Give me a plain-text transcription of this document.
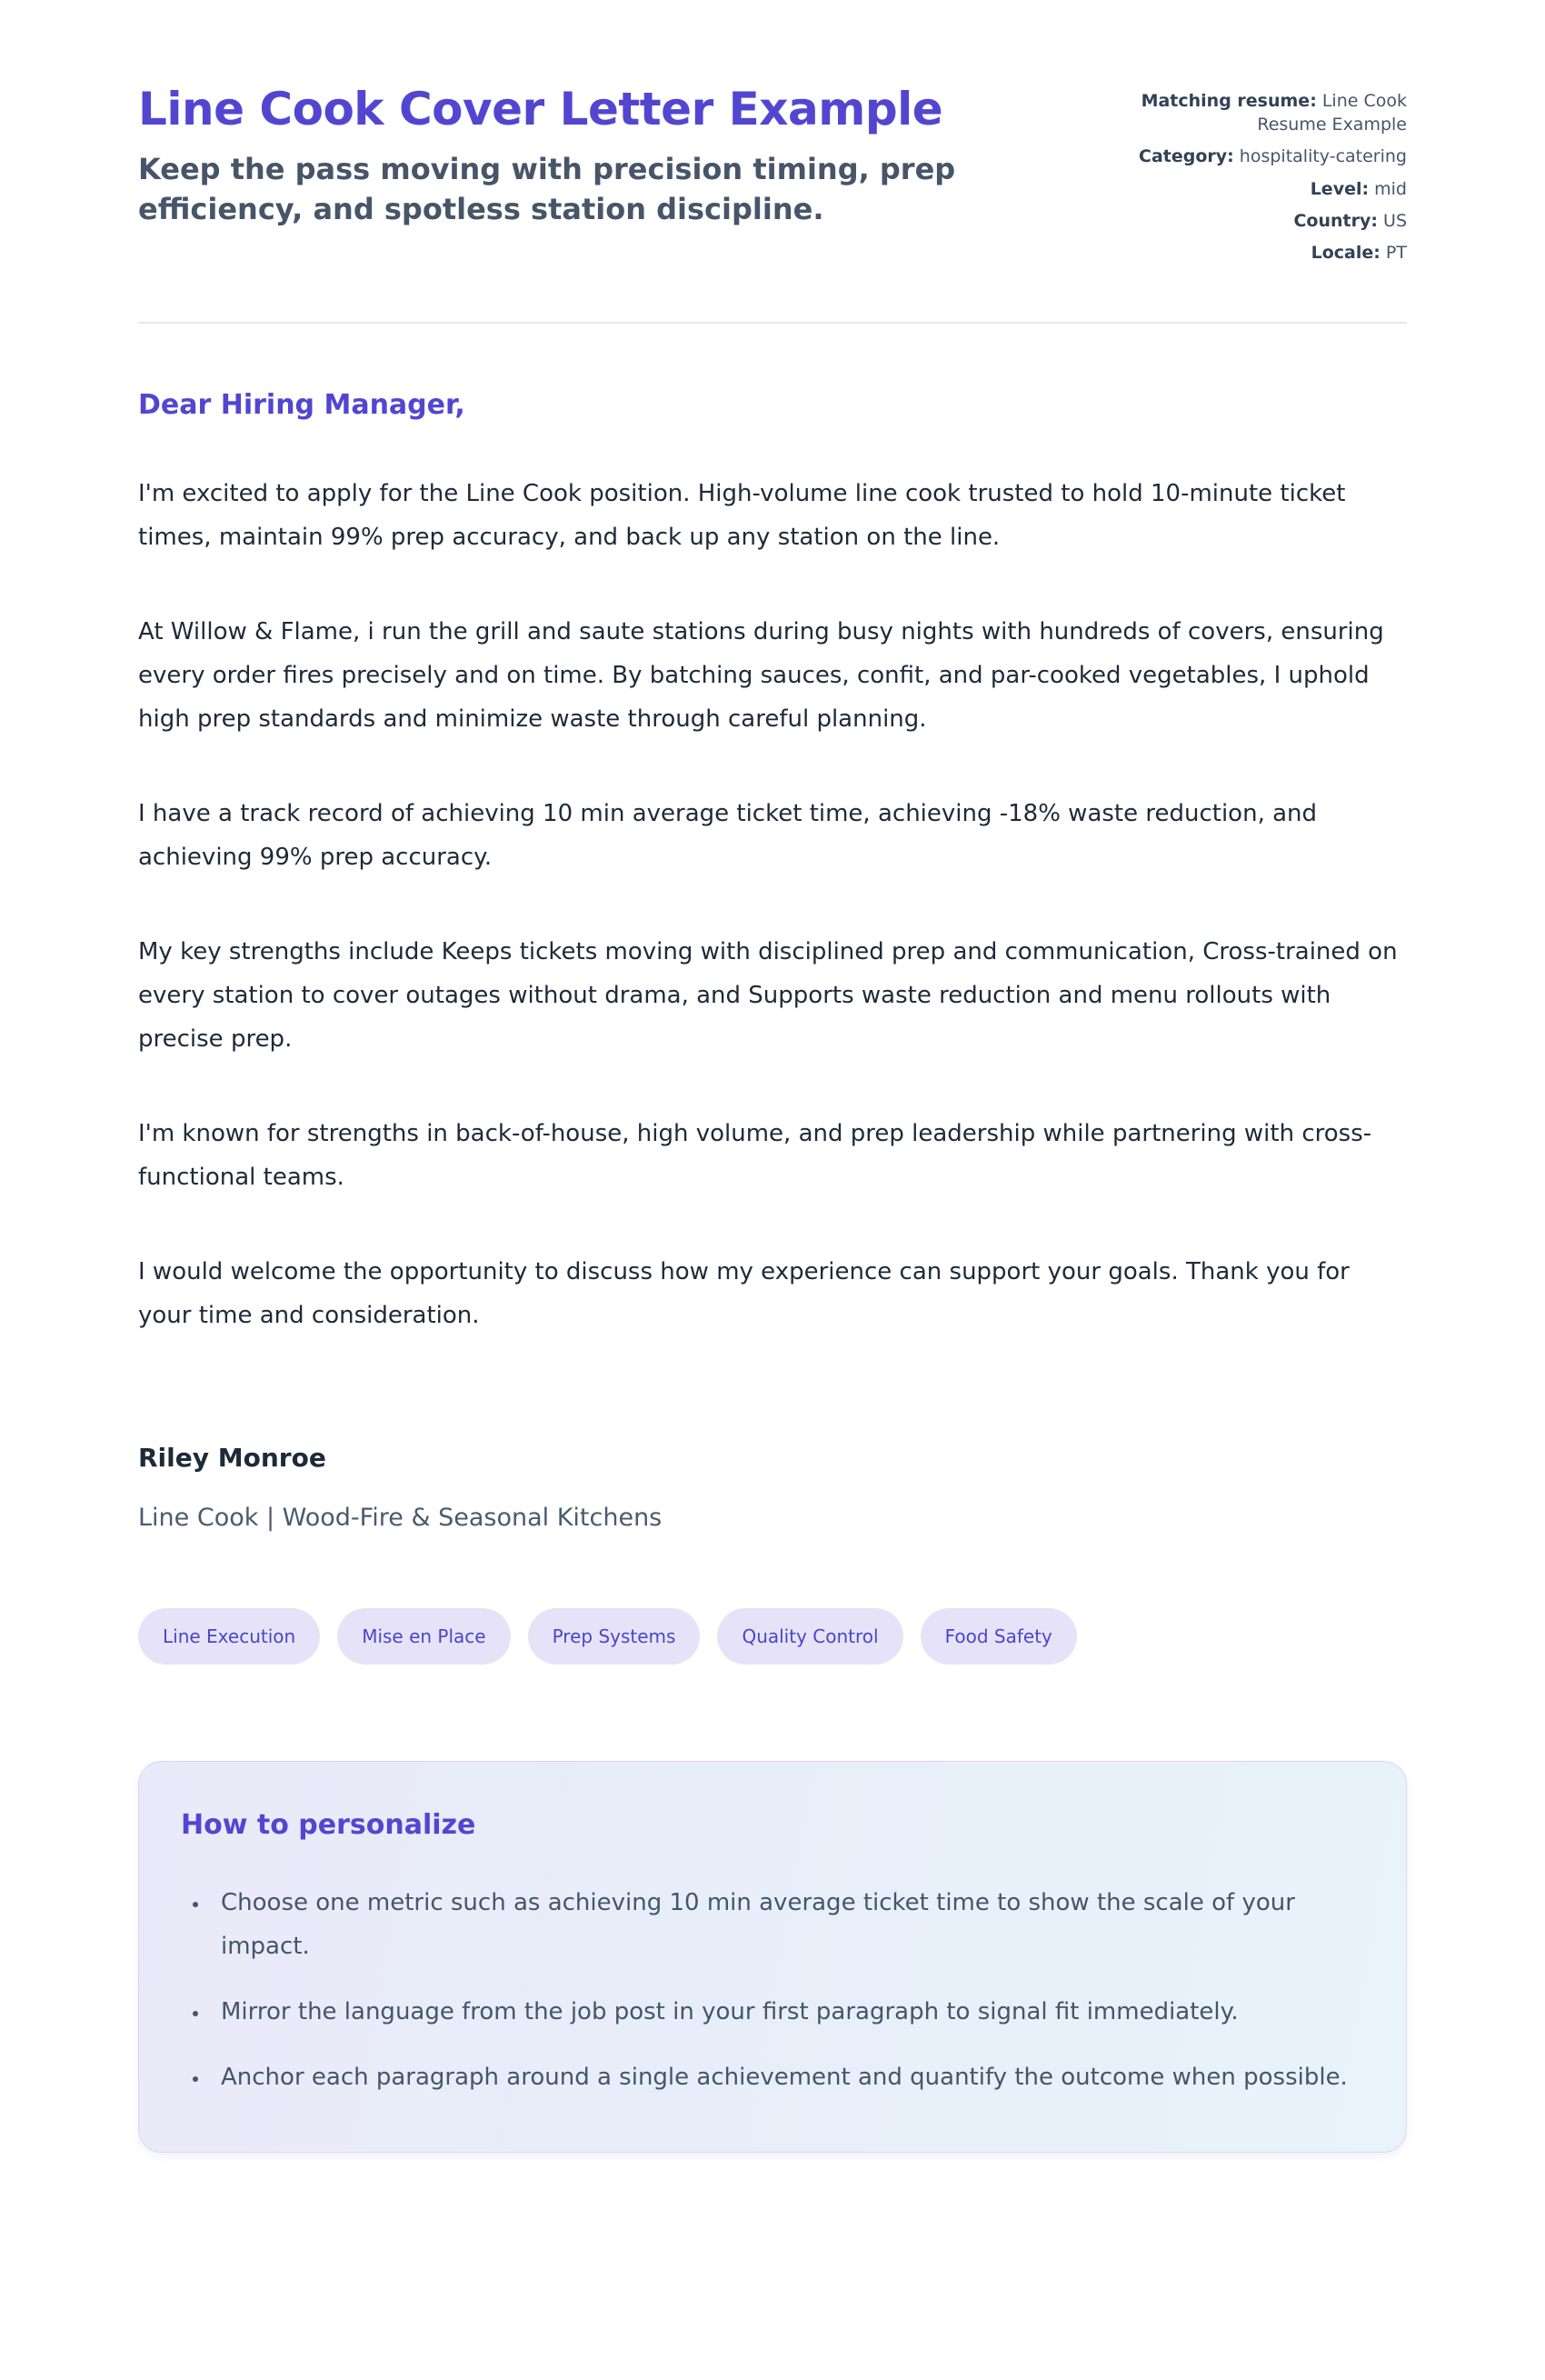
Line Cook Cover Letter Example
Keep the pass moving with precision timing, prep efficiency, and spotless station discipline.
Matching resume: Line Cook Resume Example
Category: hospitality-catering
Level: mid
Country: US
Locale: PT

Dear Hiring Manager,

I'm excited to apply for the Line Cook position. High-volume line cook trusted to hold 10-minute ticket times, maintain 99% prep accuracy, and back up any station on the line.

At Willow & Flame, i run the grill and saute stations during busy nights with hundreds of covers, ensuring every order fires precisely and on time. By batching sauces, confit, and par-cooked vegetables, I uphold high prep standards and minimize waste through careful planning.

I have a track record of achieving 10 min average ticket time, achieving -18% waste reduction, and achieving 99% prep accuracy.

My key strengths include Keeps tickets moving with disciplined prep and communication, Cross-trained on every station to cover outages without drama, and Supports waste reduction and menu rollouts with precise prep.

I'm known for strengths in back-of-house, high volume, and prep leadership while partnering with cross-functional teams.

I would welcome the opportunity to discuss how my experience can support your goals. Thank you for your time and consideration.

Riley Monroe

Line Cook | Wood-Fire & Seasonal Kitchens

Line Execution	Mise en Place	Prep Systems	Quality Control	Food Safety
How to personalize
• Choose one metric such as achieving 10 min average ticket time to show the scale of your impact.
• Mirror the language from the job post in your first paragraph to signal fit immediately.
• Anchor each paragraph around a single achievement and quantify the outcome when possible.
